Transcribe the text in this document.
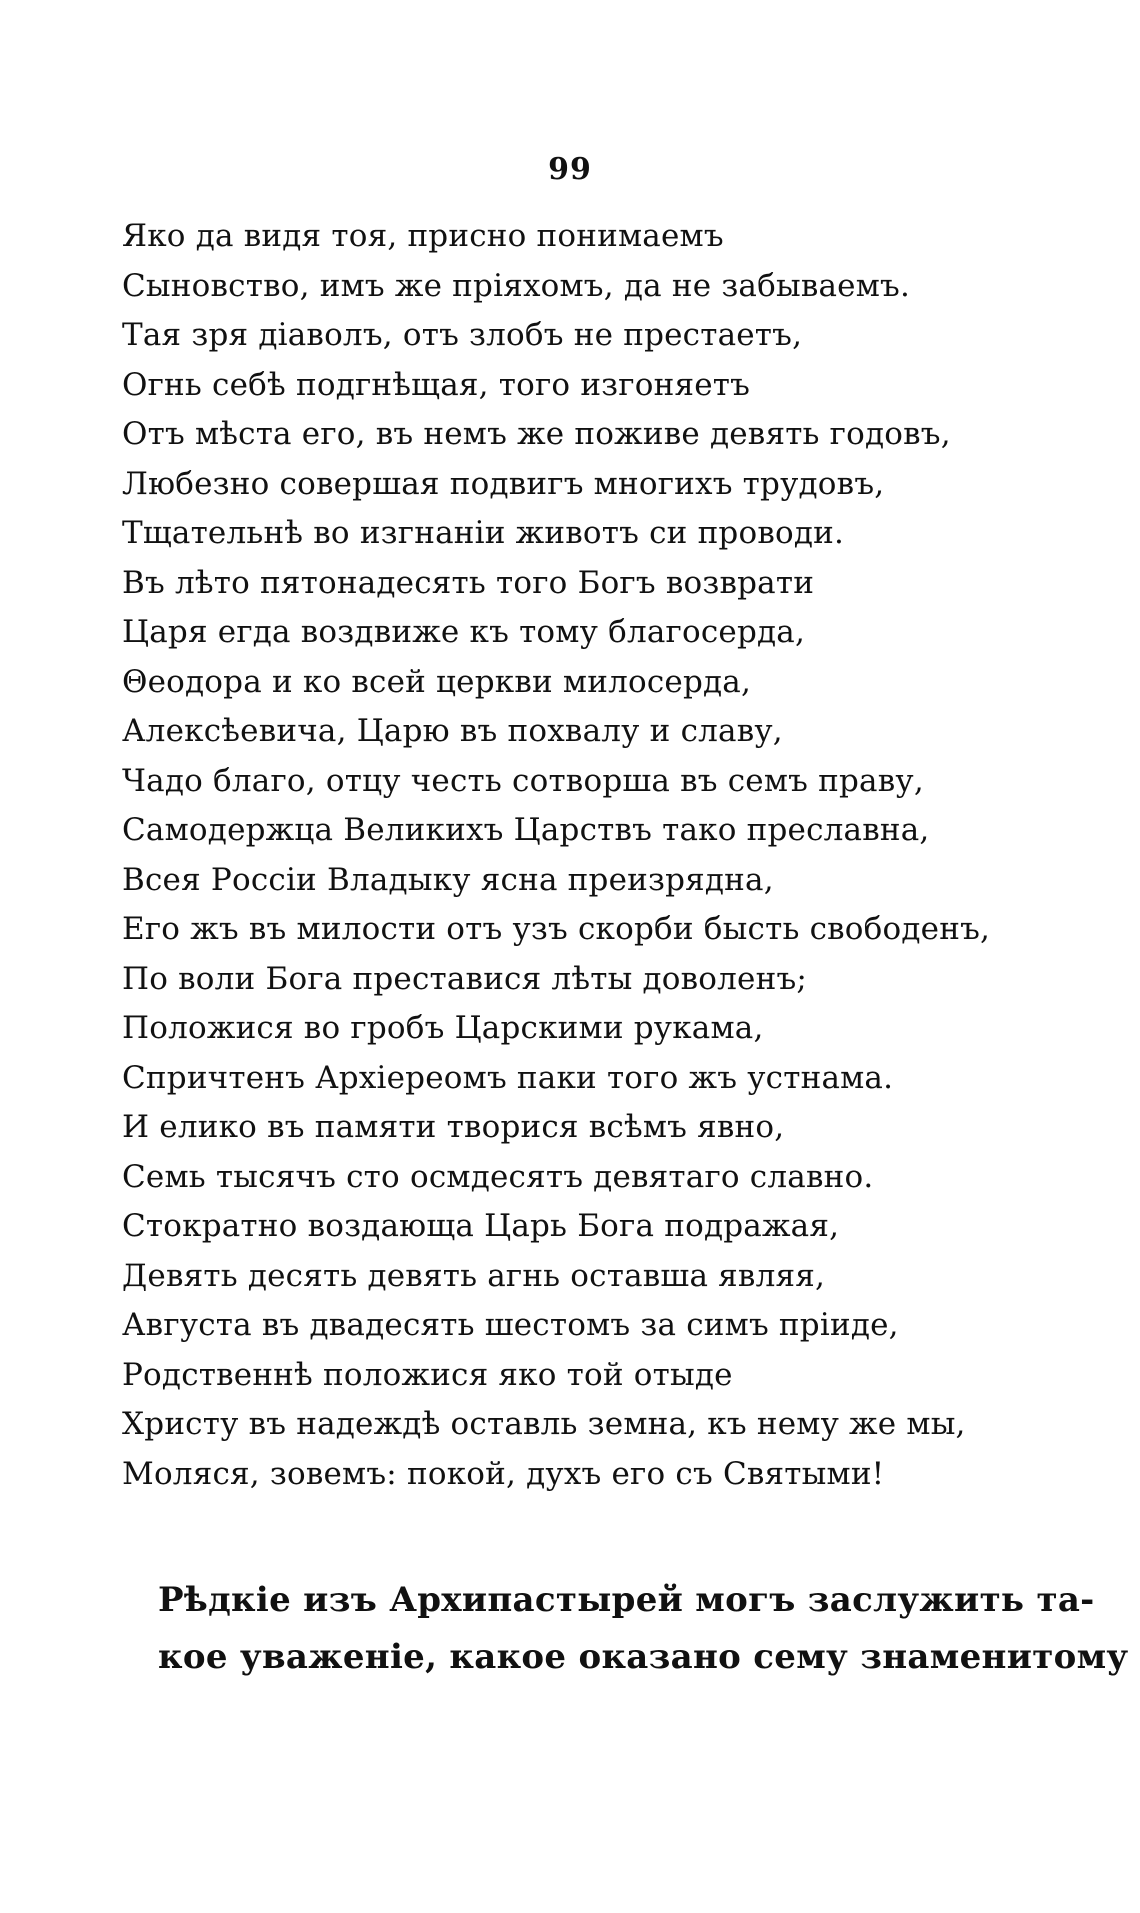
99
Яко да видя тоя, присно понимаемъ
Сыновство, имъ же пріяхомъ, да не забываемъ.
Тая зря діаволъ, отъ злобъ не престаетъ,
Огнь себѣ подгнѣщая, того изгоняетъ
Отъ мѣста его, въ немъ же поживе девять годовъ,
Любезно совершая подвигъ многихъ трудовъ,
Тщательнѣ во изгнаніи животъ си проводи.
Въ лѣто пятонадесять того Богъ возврати
Царя егда воздвиже къ тому благосерда,
Θеодора и ко всей церкви милосерда,
Алексѣевича, Царю въ похвалу и славу,
Чадо благо, отцу честь сотворша въ семъ праву,
Самодержца Великихъ Царствъ тако преславна,
Всея Россіи Владыку ясна преизрядна,
Его жъ въ милости отъ узъ скорби бысть свободенъ,
По воли Бога преставися лѣты доволенъ;
Положися во гробъ Царскими рукама,
Спричтенъ Архіереомъ паки того жъ устнама.
И елико въ памяти творися всѣмъ явно,
Семь тысячъ сто осмдесятъ девятаго славно.
Стократно воздающа Царь Бога подражая,
Девять десять девять агнь оставша являя,
Августа въ двадесять шестомъ за симъ пріиде,
Родственнѣ положися яко той отыде
Христу въ надеждѣ оставль земна, къ нему же мы,
Моляся, зовемъ: покой, духъ его съ Святыми!

Рѣдкіе изъ Архипастырей могъ заслужить та-
кое уваженіе, какое оказано сему знаменитому
